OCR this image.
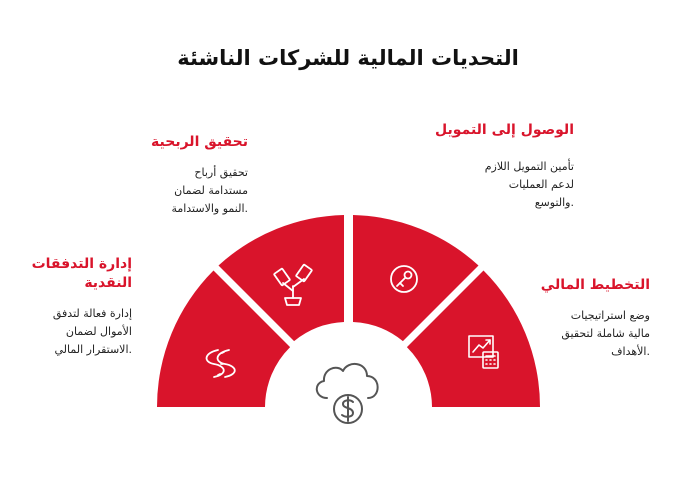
التحديات المالية للشركات الناشئة
إدارة التدفقات
النقدية
إدارة فعالة لتدفق
الأموال لضمان
.الاستقرار المالي
تحقيق الربحية
تحقيق أرباح
مستدامة لضمان
.النمو والاستدامة
الوصول إلى التمويل
تأمين التمويل اللازم
لدعم العمليات
.والتوسع
التخطيط المالي
وضع استراتيجيات
مالية شاملة لتحقيق
.الأهداف
